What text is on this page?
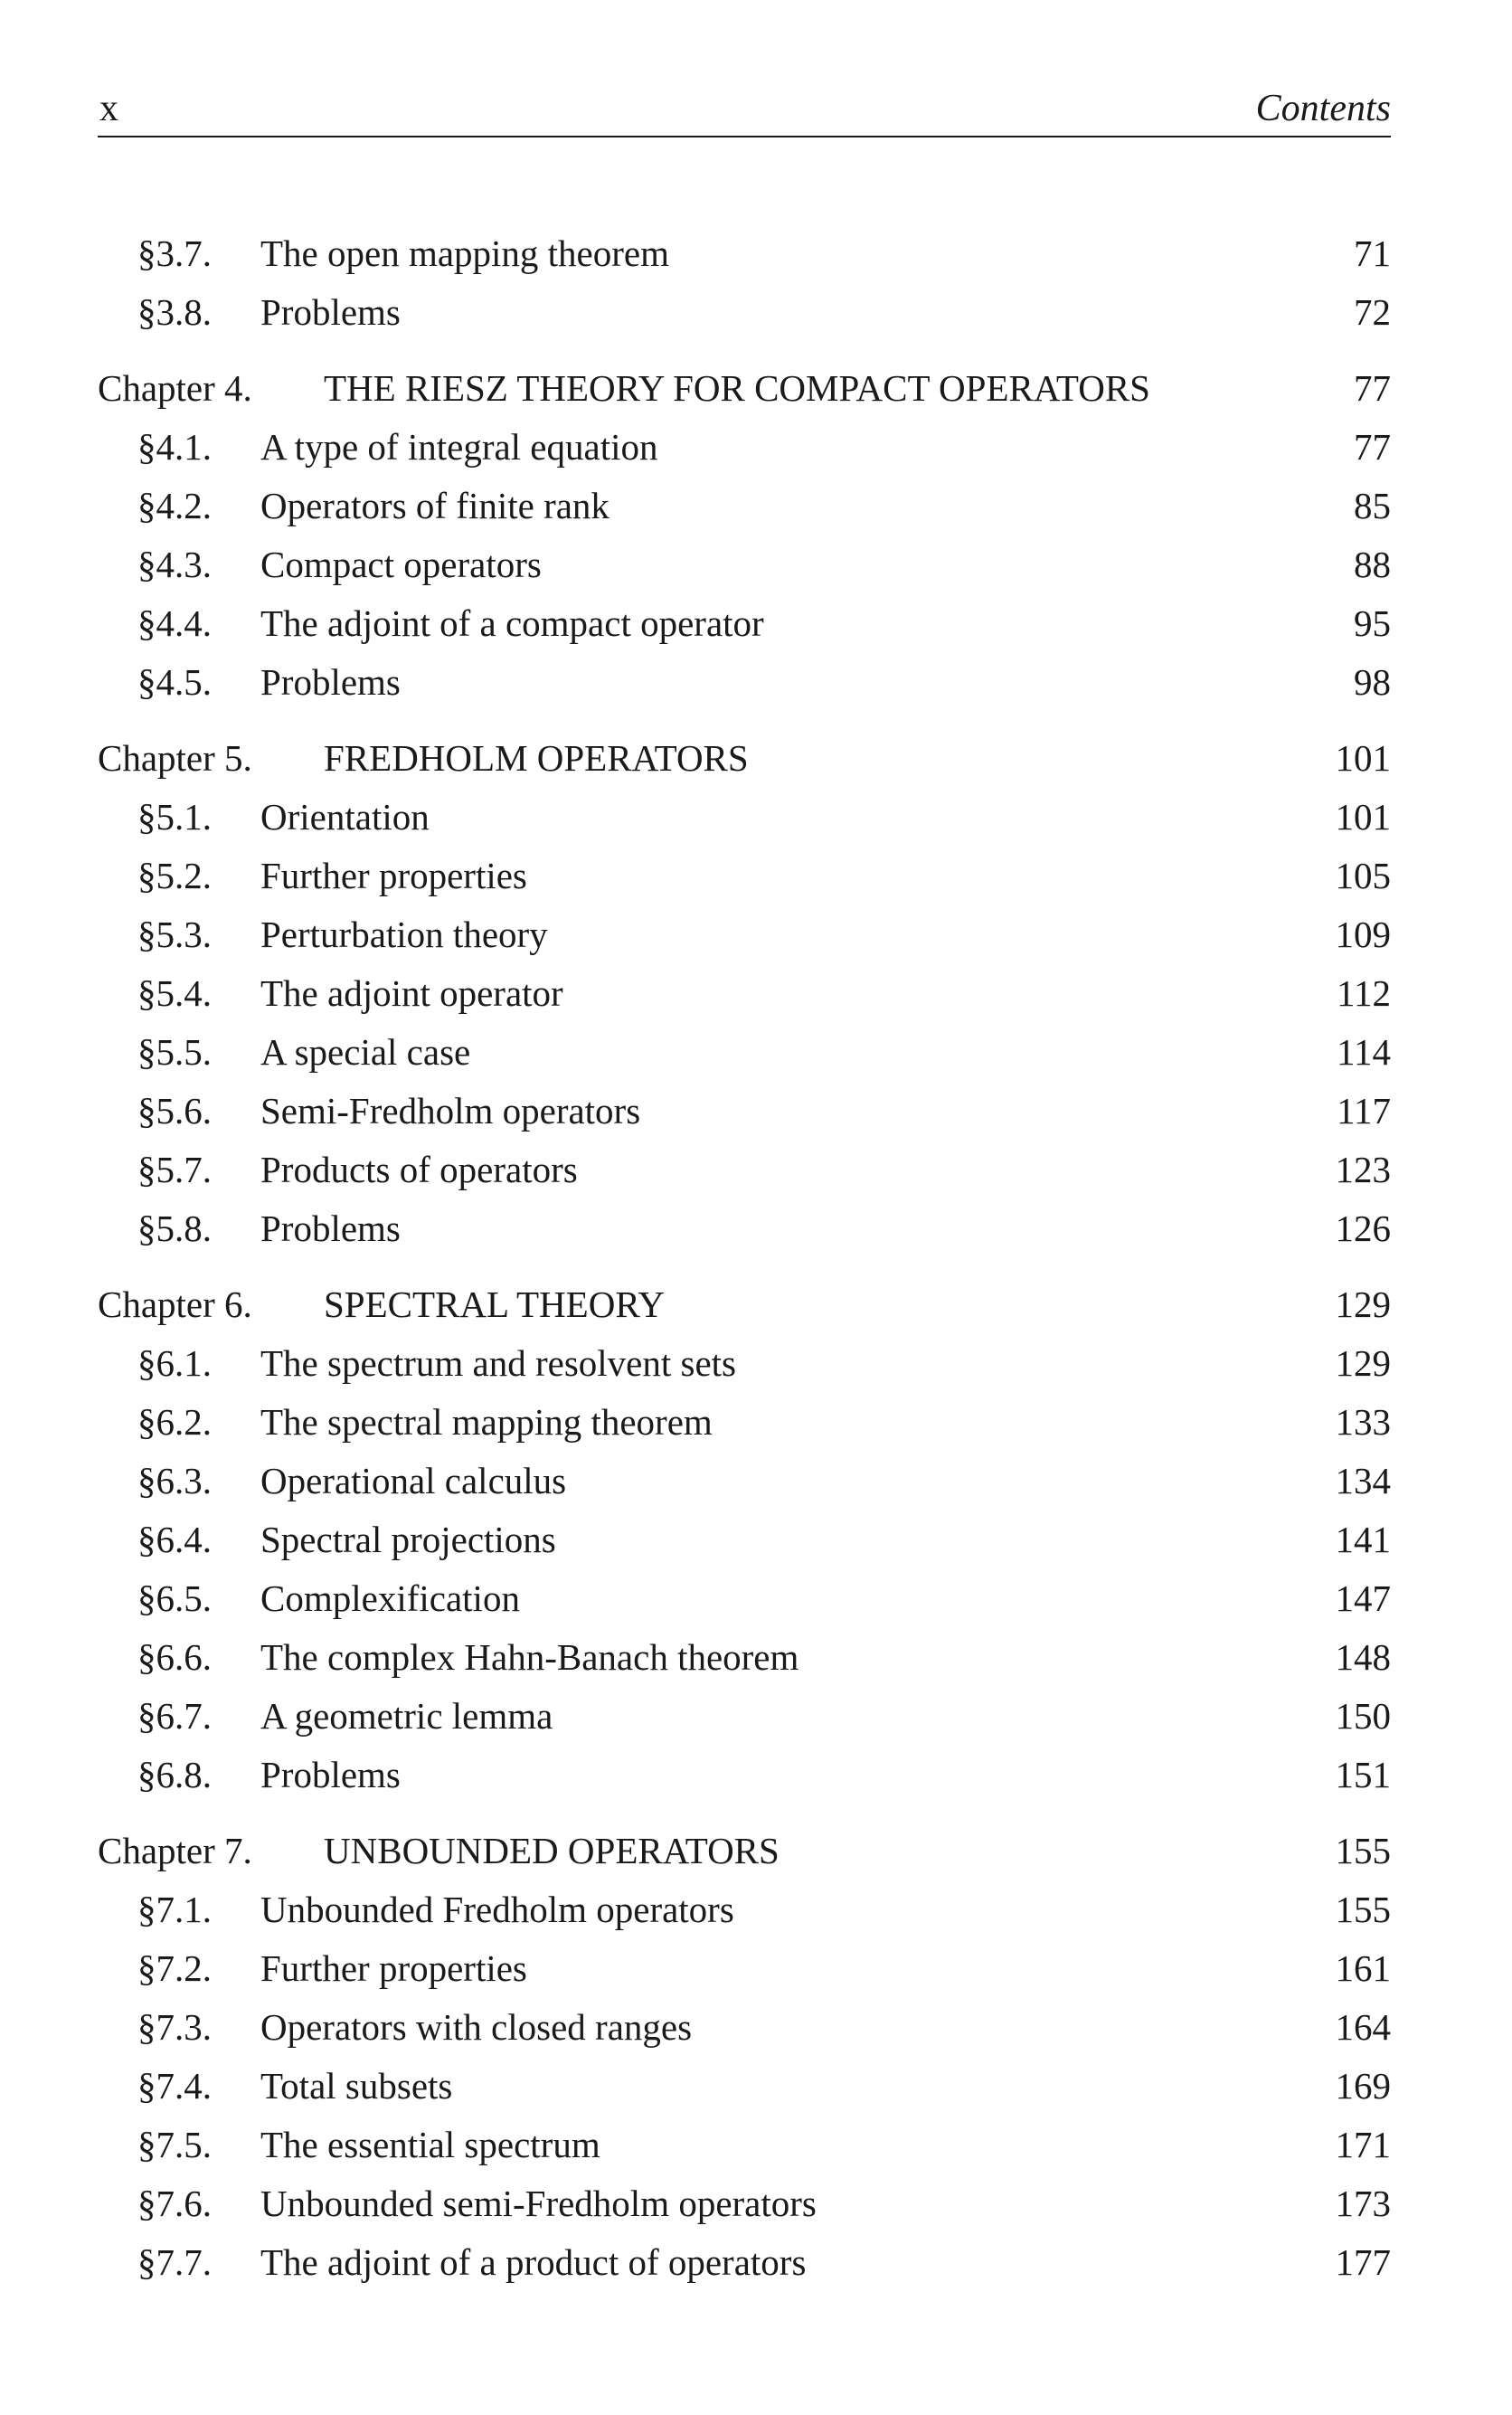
x	Contents
§3.7. The open mapping theorem	71
§3.8. Problems	72
Chapter 4. THE RIESZ THEORY FOR COMPACT OPERATORS	77
§4.1. A type of integral equation	77
§4.2. Operators of finite rank	85
§4.3. Compact operators	88
§4.4. The adjoint of a compact operator	95
§4.5. Problems	98
Chapter 5. FREDHOLM OPERATORS	101
§5.1. Orientation	101
§5.2. Further properties	105
§5.3. Perturbation theory	109
§5.4. The adjoint operator	112
§5.5. A special case	114
§5.6. Semi-Fredholm operators	117
§5.7. Products of operators	123
§5.8. Problems	126
Chapter 6. SPECTRAL THEORY	129
§6.1. The spectrum and resolvent sets	129
§6.2. The spectral mapping theorem	133
§6.3. Operational calculus	134
§6.4. Spectral projections	141
§6.5. Complexification	147
§6.6. The complex Hahn-Banach theorem	148
§6.7. A geometric lemma	150
§6.8. Problems	151
Chapter 7. UNBOUNDED OPERATORS	155
§7.1. Unbounded Fredholm operators	155
§7.2. Further properties	161
§7.3. Operators with closed ranges	164
§7.4. Total subsets	169
§7.5. The essential spectrum	171
§7.6. Unbounded semi-Fredholm operators	173
§7.7. The adjoint of a product of operators	177
